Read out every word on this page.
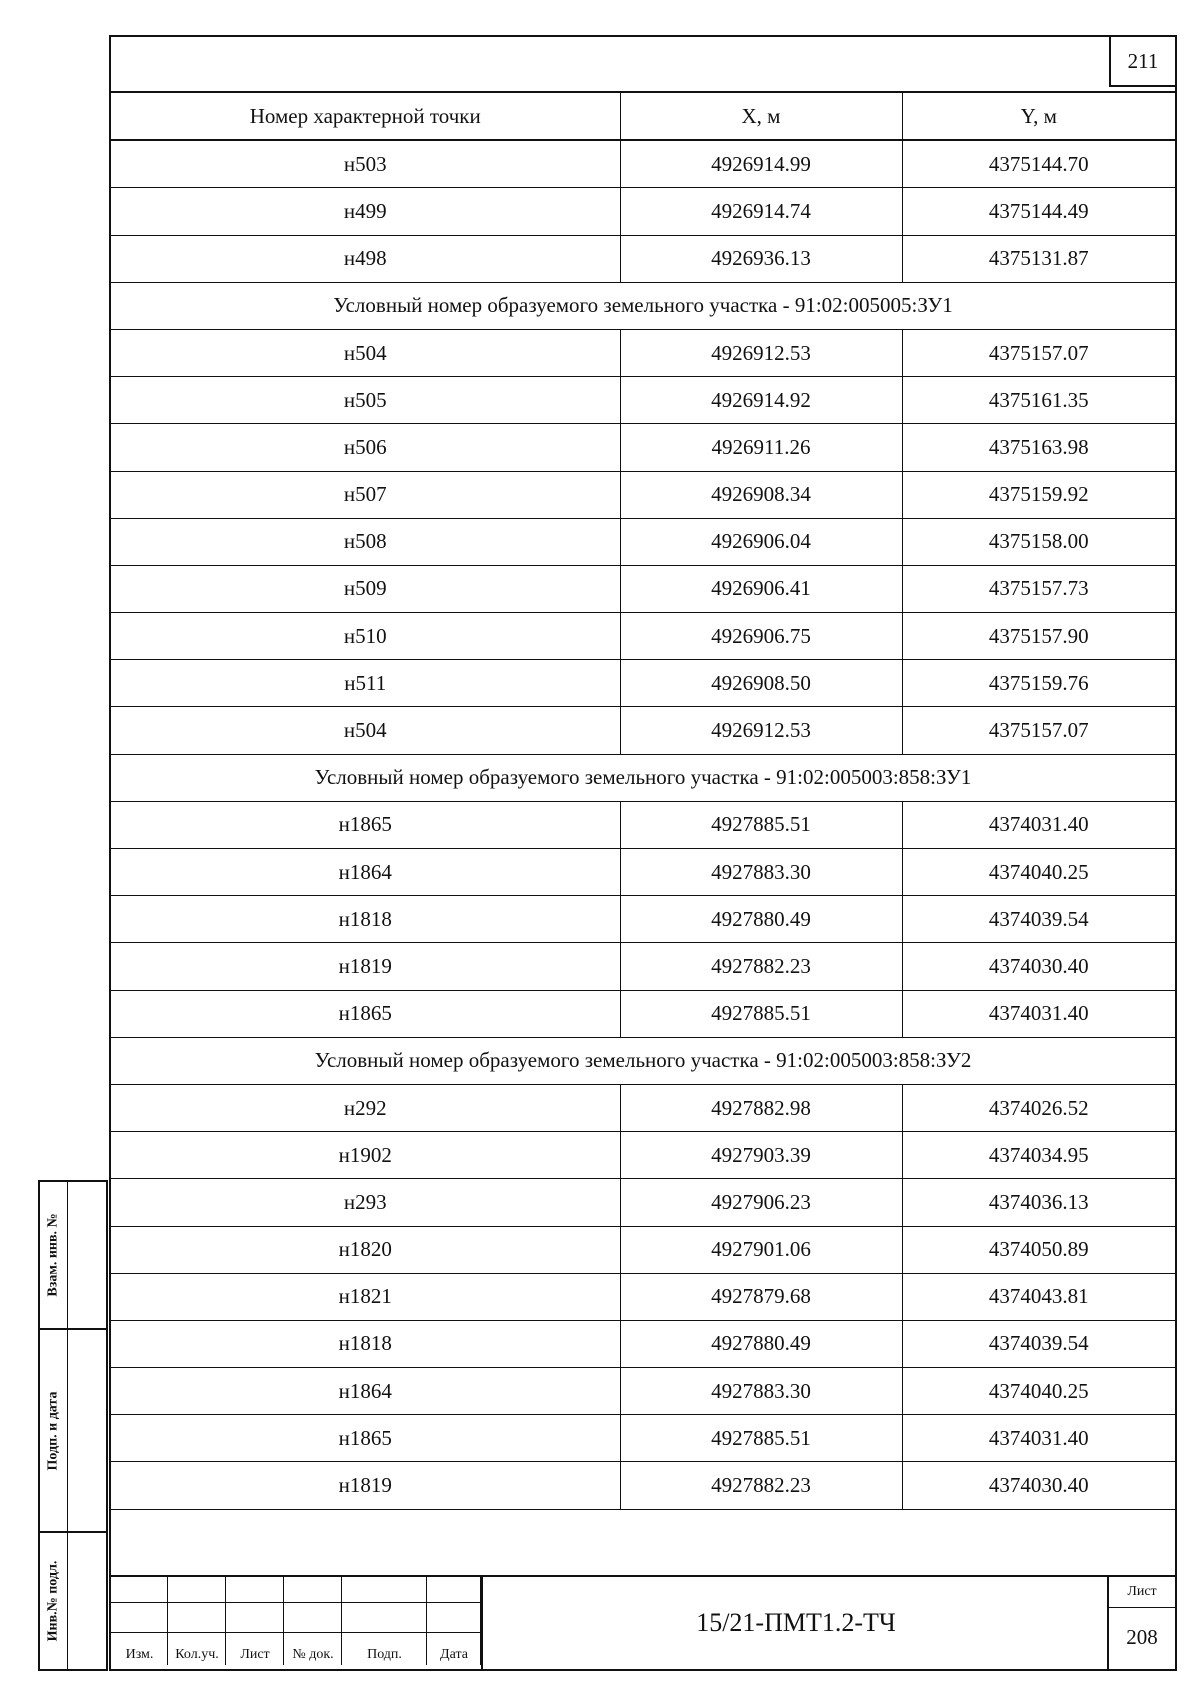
211
Номер характерной точки	X, м	Y, м
н503	4926914.99	4375144.70
н499	4926914.74	4375144.49
н498	4926936.13	4375131.87
Условный номер образуемого земельного участка - 91:02:005005:ЗУ1		
н504	4926912.53	4375157.07
н505	4926914.92	4375161.35
н506	4926911.26	4375163.98
н507	4926908.34	4375159.92
н508	4926906.04	4375158.00
н509	4926906.41	4375157.73
н510	4926906.75	4375157.90
н511	4926908.50	4375159.76
н504	4926912.53	4375157.07
Условный номер образуемого земельного участка - 91:02:005003:858:ЗУ1		
н1865	4927885.51	4374031.40
н1864	4927883.30	4374040.25
н1818	4927880.49	4374039.54
н1819	4927882.23	4374030.40
н1865	4927885.51	4374031.40
Условный номер образуемого земельного участка - 91:02:005003:858:ЗУ2		
н292	4927882.98	4374026.52
н1902	4927903.39	4374034.95
н293	4927906.23	4374036.13
н1820	4927901.06	4374050.89
н1821	4927879.68	4374043.81
н1818	4927880.49	4374039.54
н1864	4927883.30	4374040.25
н1865	4927885.51	4374031.40
н1819	4927882.23	4374030.40
Изм.	Кол.уч.	Лист	№ док.	Подп.	Дата
15/21-ПМТ1.2-ТЧ
Лист
208
Взам. инв. №
Подп. и дата
Инв.№ подл.
